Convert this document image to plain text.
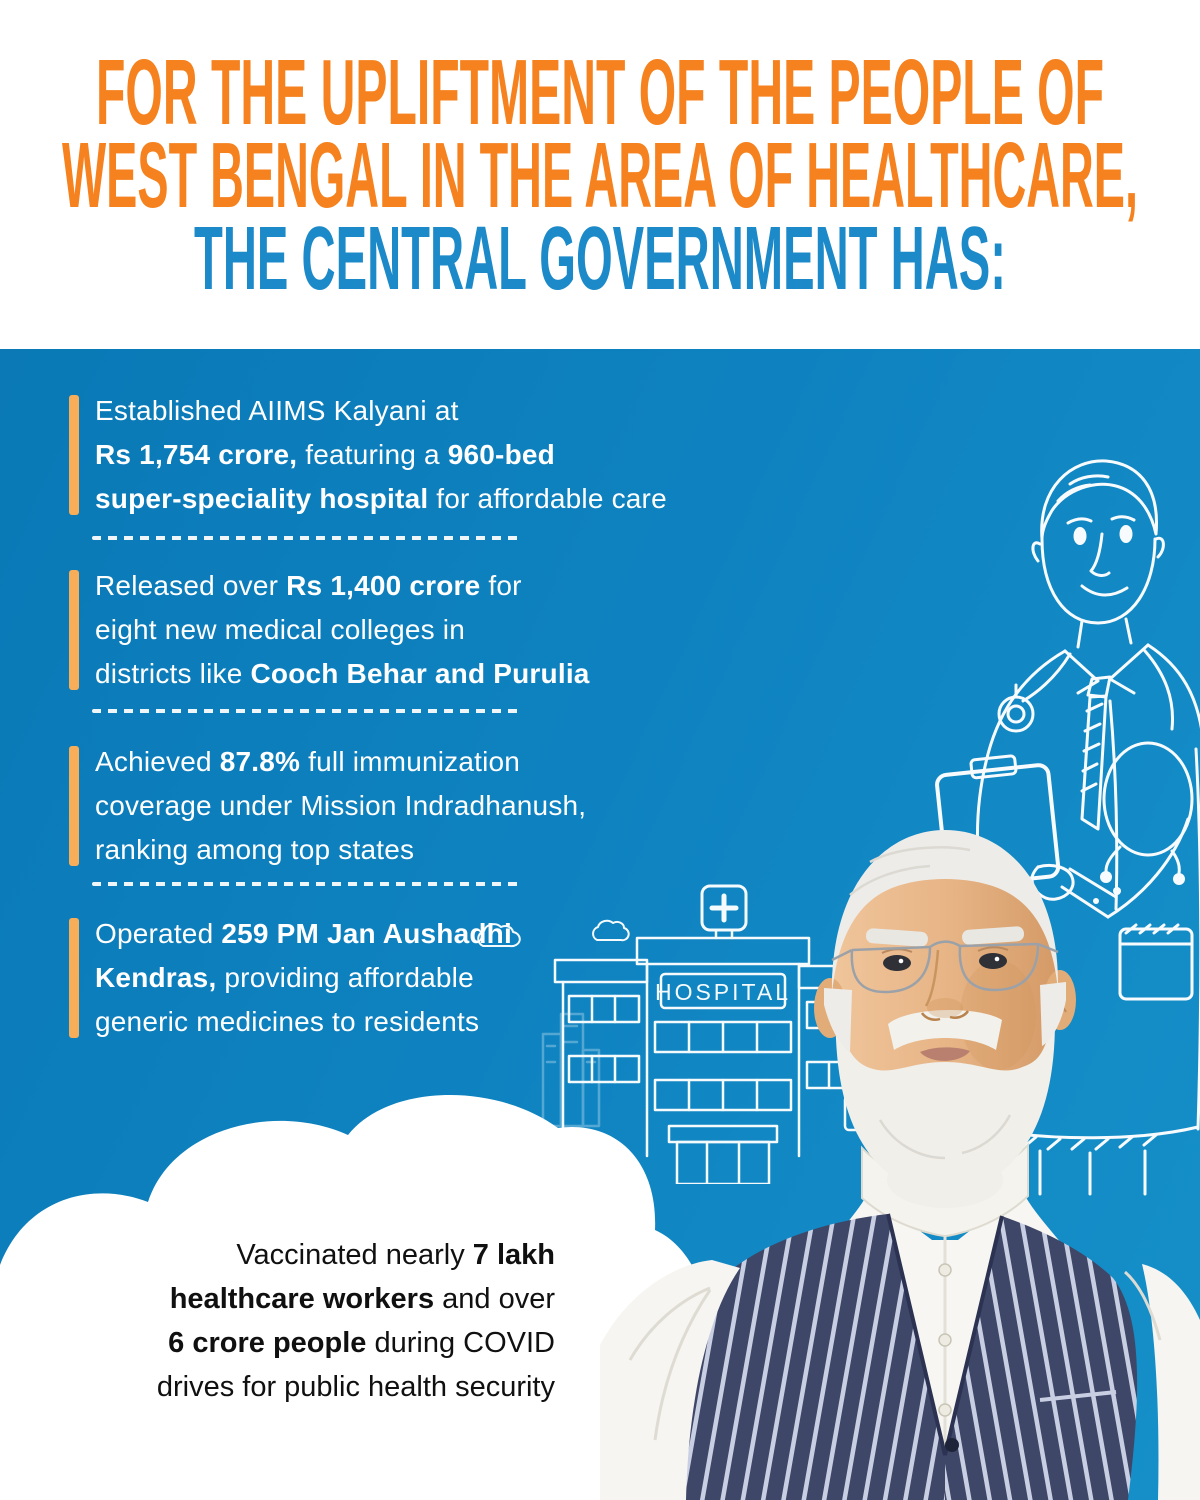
FOR THE UPLIFTMENT OF THE PEOPLE OF
WEST BENGAL IN THE AREA OF HEALTHCARE,
THE CENTRAL GOVERNMENT HAS:
HOSPITAL
Established AIIMS Kalyani at
Rs 1,754 crore, featuring a 960-bed
super-speciality hospital for affordable care
Released over Rs 1,400 crore for
eight new medical colleges in
districts like Cooch Behar and Purulia
Achieved 87.8% full immunization
coverage under Mission Indradhanush,
ranking among top states
Operated 259 PM Jan Aushadhi
Kendras, providing affordable
generic medicines to residents
Vaccinated nearly 7 lakh
healthcare workers and over
6 crore people during COVID
drives for public health security
